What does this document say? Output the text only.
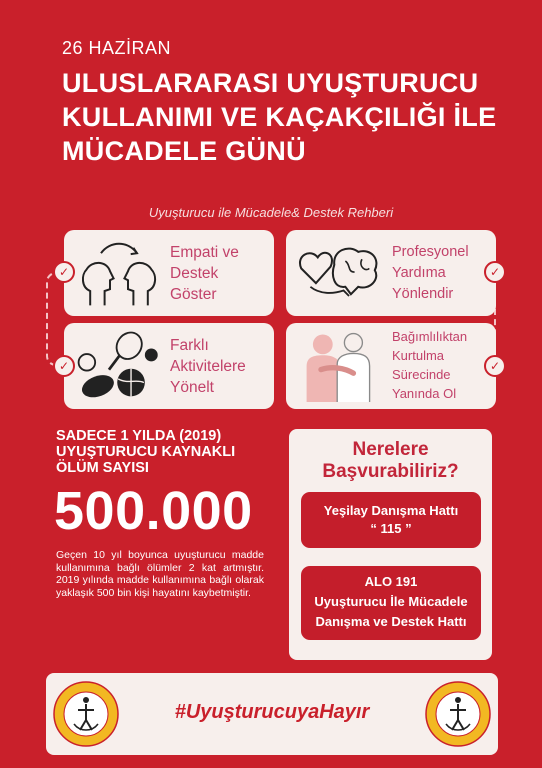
26 HAZİRAN
ULUSLARARASI UYUŞTURUCU
KULLANIMI VE KAÇAKÇILIĞI İLE
MÜCADELE GÜNÜ
Uyuşturucu ile Mücadele& Destek Rehberi
Empati ve
Destek
Göster
✓
Profesyonel
Yardıma
Yönlendir
✓
Farklı
Aktivitelere
Yönelt
✓
Bağımlılıktan
Kurtulma
Sürecinde
Yanında Ol
✓
SADECE 1 YILDA (2019)
UYUŞTURUCU KAYNAKLI
ÖLÜM SAYISI
500.000
Geçen 10 yıl boyunca uyuşturucu madde kullanımına bağlı ölümler 2 kat artmıştır. 2019 yılında madde kullanımına bağlı olarak yaklaşık 500 bin kişi hayatını kaybetmiştir.
Nerelere
Başvurabiliriz?
Yeşilay Danışma Hattı
“ 115 ”
ALO 191
Uyuşturucu İle Mücadele
Danışma ve Destek Hattı
#UyuşturucuyaHayır
